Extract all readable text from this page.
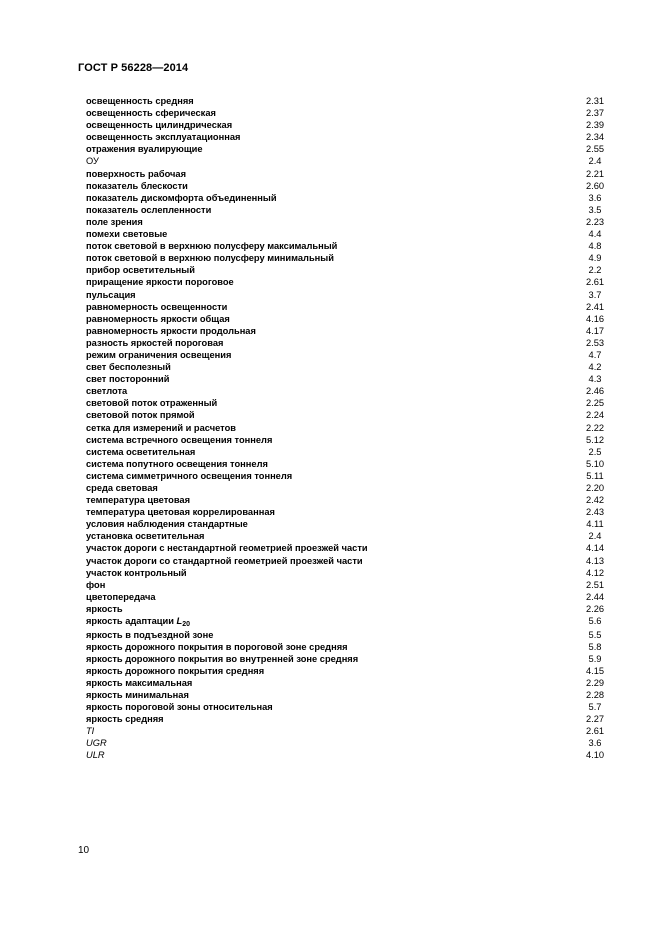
ГОСТ Р 56228—2014
освещенность средняя	2.31
освещенность сферическая	2.37
освещенность цилиндрическая	2.39
освещенность эксплуатационная	2.34
отражения вуалирующие	2.55
ОУ	2.4
поверхность рабочая	2.21
показатель блескости	2.60
показатель дискомфорта объединенный	3.6
показатель ослепленности	3.5
поле зрения	2.23
помехи световые	4.4
поток световой в верхнюю полусферу максимальный	4.8
поток световой в верхнюю полусферу минимальный	4.9
прибор осветительный	2.2
приращение яркости пороговое	2.61
пульсация	3.7
равномерность освещенности	2.41
равномерность яркости общая	4.16
равномерность яркости продольная	4.17
разность яркостей пороговая	2.53
режим ограничения освещения	4.7
свет бесполезный	4.2
свет посторонний	4.3
светлота	2.46
световой поток отраженный	2.25
световой поток прямой	2.24
сетка для измерений и расчетов	2.22
система встречного освещения тоннеля	5.12
система осветительная	2.5
система попутного освещения тоннеля	5.10
система симметричного освещения тоннеля	5.11
среда световая	2.20
температура цветовая	2.42
температура цветовая коррелированная	2.43
условия наблюдения стандартные	4.11
установка осветительная	2.4
участок дороги с нестандартной геометрией проезжей части	4.14
участок дороги со стандартной геометрией проезжей части	4.13
участок контрольный	4.12
фон	2.51
цветопередача	2.44
яркость	2.26
яркость адаптации $L_{20}$	5.6
яркость в подъездной зоне	5.5
яркость дорожного покрытия в пороговой зоне средняя	5.8
яркость дорожного покрытия во внутренней зоне средняя	5.9
яркость дорожного покрытия средняя	4.15
яркость максимальная	2.29
яркость минимальная	2.28
яркость пороговой зоны относительная	5.7
яркость средняя	2.27
TI	2.61
UGR	3.6
ULR	4.10
10
